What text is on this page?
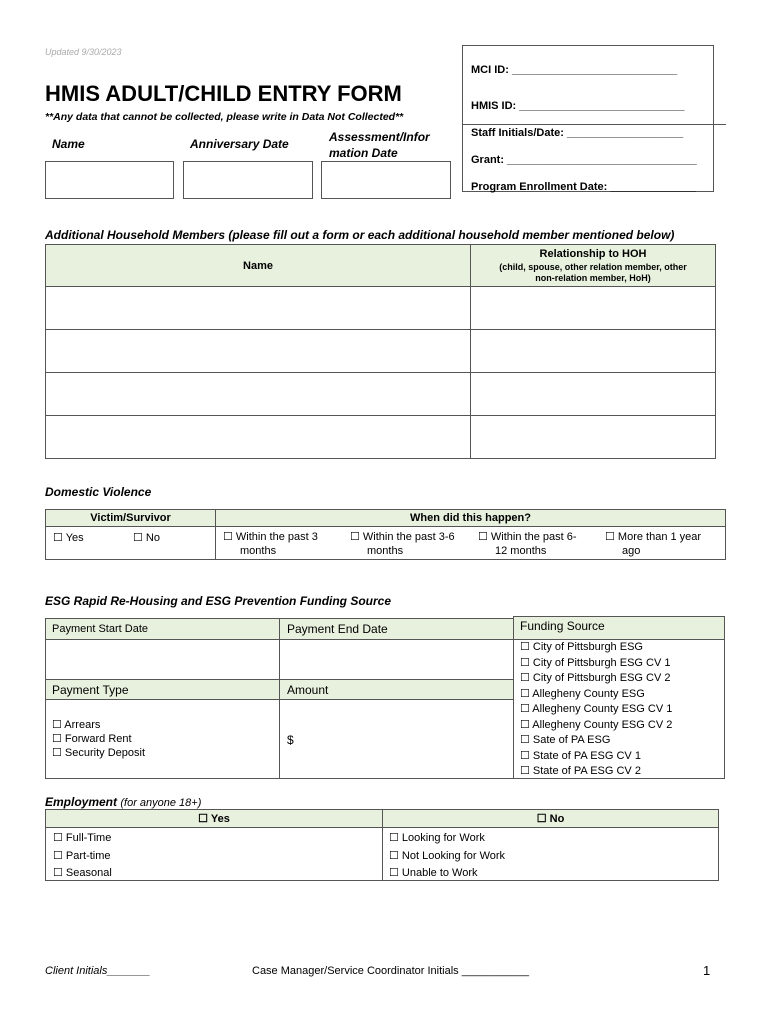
Updated 9/30/2023
HMIS ADULT/CHILD ENTRY FORM
**Any data that cannot be collected, please write in Data Not Collected**
Name	Anniversary Date	Assessment/Infor
mation Date
MCI ID: ___________________________
HMIS ID: ___________________________
Staff Initials/Date: ___________________
Grant: _______________________________
Program Enrollment Date: ______________
Additional Household Members (please fill out a form or each additional household member mentioned below)
Name	Relationship to HOH
(child, spouse, other relation member, other
non-relation member, HoH)

Domestic Violence
Victim/Survivor	When did this happen?
☐ Yes	☐ No	☐ Within the past 3
months
☐ Within the past 3-6
months
☐ Within the past 6-
12 months
☐ More than 1 year
ago
ESG Rapid Re-Housing and ESG Prevention Funding Source
Payment Start Date	Payment End Date	Funding Source
Payment Type	Amount
$
☐ Arrears
☐ Forward Rent
☐ Security Deposit
☐ City of Pittsburgh ESG
☐ City of Pittsburgh ESG CV 1
☐ City of Pittsburgh ESG CV 2
☐ Allegheny County ESG
☐ Allegheny County ESG CV 1
☐ Allegheny County ESG CV 2
☐ Sate of PA ESG
☐ State of PA ESG CV 1
☐ State of PA ESG CV 2
Employment (for anyone 18+)
☐ Yes	☐ No
☐ Full-Time
☐ Part-time
☐ Seasonal
☐ Looking for Work
☐ Not Looking for Work
☐ Unable to Work
Client Initials_______	Case Manager/Service Coordinator Initials ___________	1
